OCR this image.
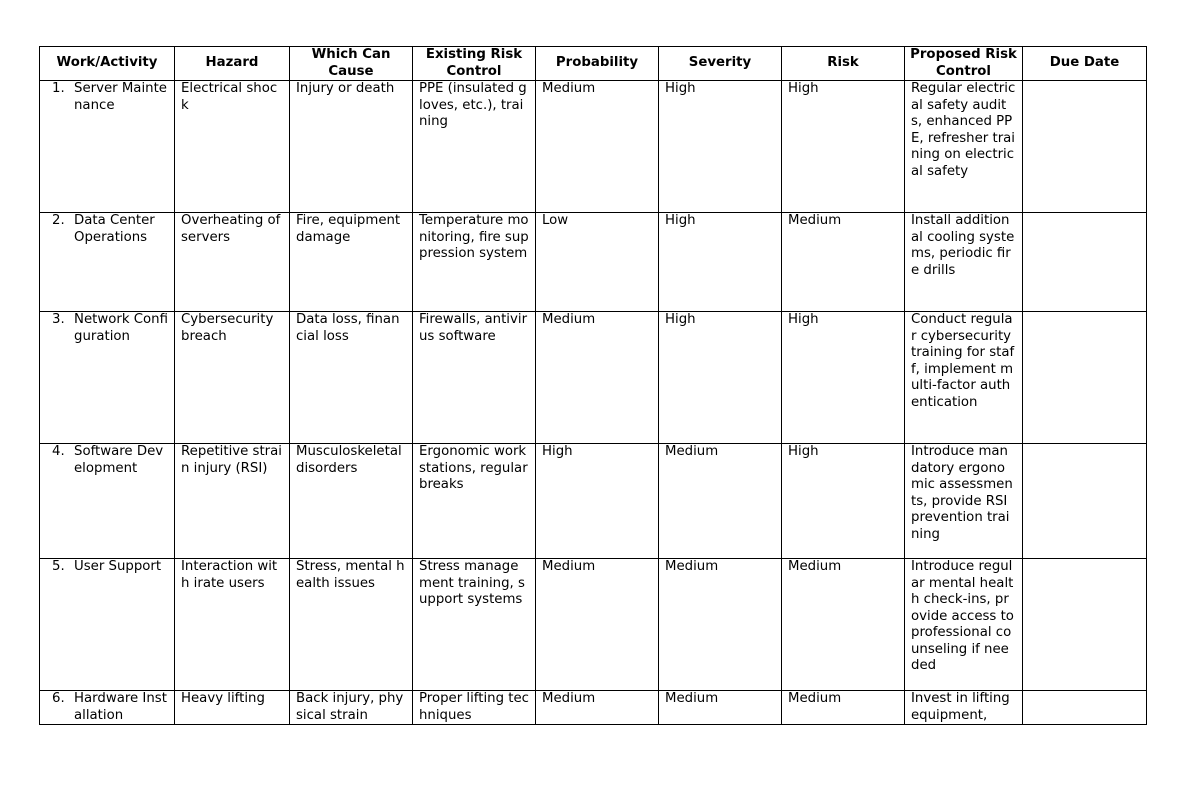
Work/Activity	Hazard	Which Can Cause	Existing Risk Control	Probability	Severity	Risk	Proposed Risk Control	Due Date

1. Server Maintenance	Electrical shock	Injury or death	PPE (insulated gloves, etc.), training	Medium	High	High	Regular electrical safety audits, enhanced PPE, refresher training on electrical safety	

2. Data Center Operations	Overheating of servers	Fire, equipment damage	Temperature monitoring, fire suppression system	Low	High	Medium	Install additional cooling systems, periodic fire drills	

3. Network Configuration	Cybersecurity breach	Data loss, financial loss	Firewalls, antivirus software	Medium	High	High	Conduct regular cybersecurity training for staff, implement multi-factor authentication	

4. Software Development	Repetitive strain injury (RSI)	Musculoskeletal disorders	Ergonomic workstations, regular breaks	High	Medium	High	Introduce mandatory ergonomic assessments, provide RSI prevention training	

5. User Support	Interaction with irate users	Stress, mental health issues	Stress management training, support systems	Medium	Medium	Medium	Introduce regular mental health check-ins, provide access to professional counseling if needed	

6. Hardware Installation	Heavy lifting	Back injury, physical strain	Proper lifting techniques	Medium	Medium	Medium	Invest in lifting equipment,	
